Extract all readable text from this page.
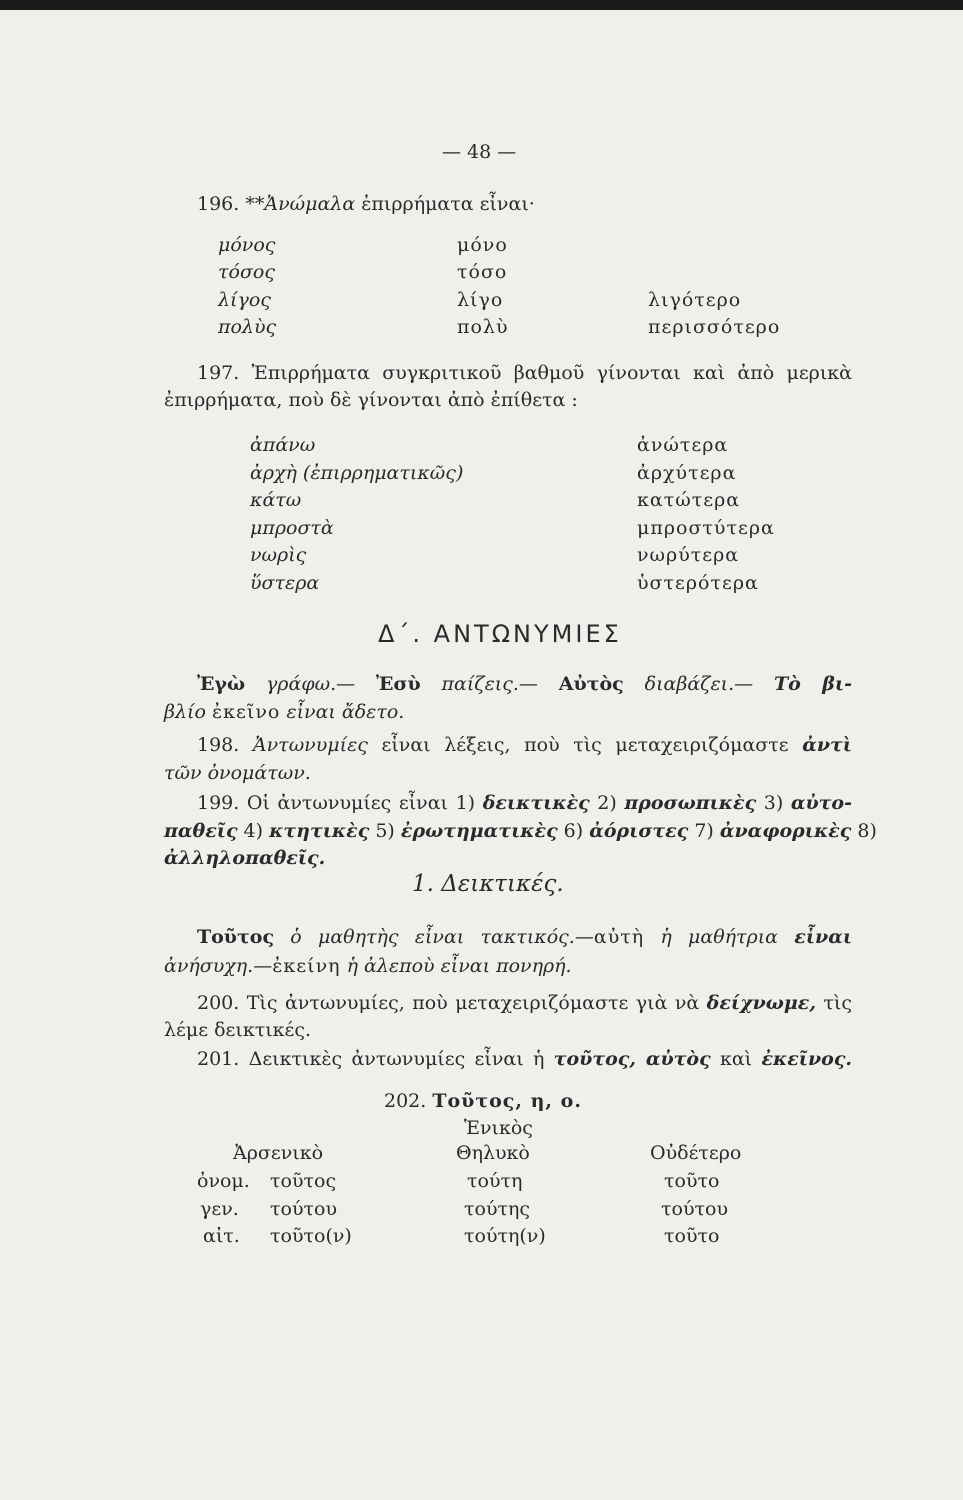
— 48 —
196. **Ἀνώμαλα ἐπιρρήματα εἶναι·
μόνος	μόνο
τόσος	τόσο
λίγος	λίγο	λιγότερο
πολὺς	πολὺ	περισσότερο
197. Ἐπιρρήματα συγκριτικοῦ βαθμοῦ γίνονται καὶ ἀπὸ μερικὰ
ἐπιρρήματα, ποὺ δὲ γίνονται ἀπὸ ἐπίθετα :
ἀπάνω	ἀνώτερα
ἀρχὴ (ἐπιρρηματικῶς)	ἀρχύτερα
κάτω	κατώτερα
μπροστὰ	μπροστύτερα
νωρὶς	νωρύτερα
ὕστερα	ὑστερότερα
Δ΄. ΑΝΤΩΝΥΜΙΕΣ
Ἐγὼ γράφω.— Ἐσὺ παίζεις.— Αὐτὸς διαβάζει.— Τὸ βι-
βλίο ἐκεῖνο εἶναι ἄδετο.
198. Ἀντωνυμίες εἶναι λέξεις, ποὺ τὶς μεταχειριζόμαστε ἀντὶ
τῶν ὀνομάτων.
199. Οἱ ἀντωνυμίες εἶναι 1) δεικτικὲς 2) προσωπικὲς 3) αὐτο-
παθεῖς 4) κτητικὲς 5) ἐρωτηματικὲς 6) ἀόριστες 7) ἀναφορικὲς 8)
ἀλληλοπαθεῖς.
1. Δεικτικές.
Τοῦτος ὁ μαθητὴς εἶναι τακτικός.—αὐτὴ ἡ μαθήτρια εἶναι
ἀνήσυχη.—ἐκείνη ἡ ἀλεποὺ εἶναι πονηρή.
200. Τὶς ἀντωνυμίες, ποὺ μεταχειριζόμαστε γιὰ νὰ δείχνωμε, τὶς
λέμε δεικτικές.
201. Δεικτικὲς ἀντωνυμίες εἶναι ἡ τοῦτος, αὐτὸς καὶ ἐκεῖνος.
202. Τοῦτος, η, ο.
Ἑνικὸς
Ἀρσενικὸ	Θηλυκὸ	Οὐδέτερο
ὀνομ. τοῦτος	τούτη	τοῦτο
γεν. τούτου	τούτης	τούτου
αἰτ. τοῦτο(ν)	τούτη(ν)	τοῦτο
